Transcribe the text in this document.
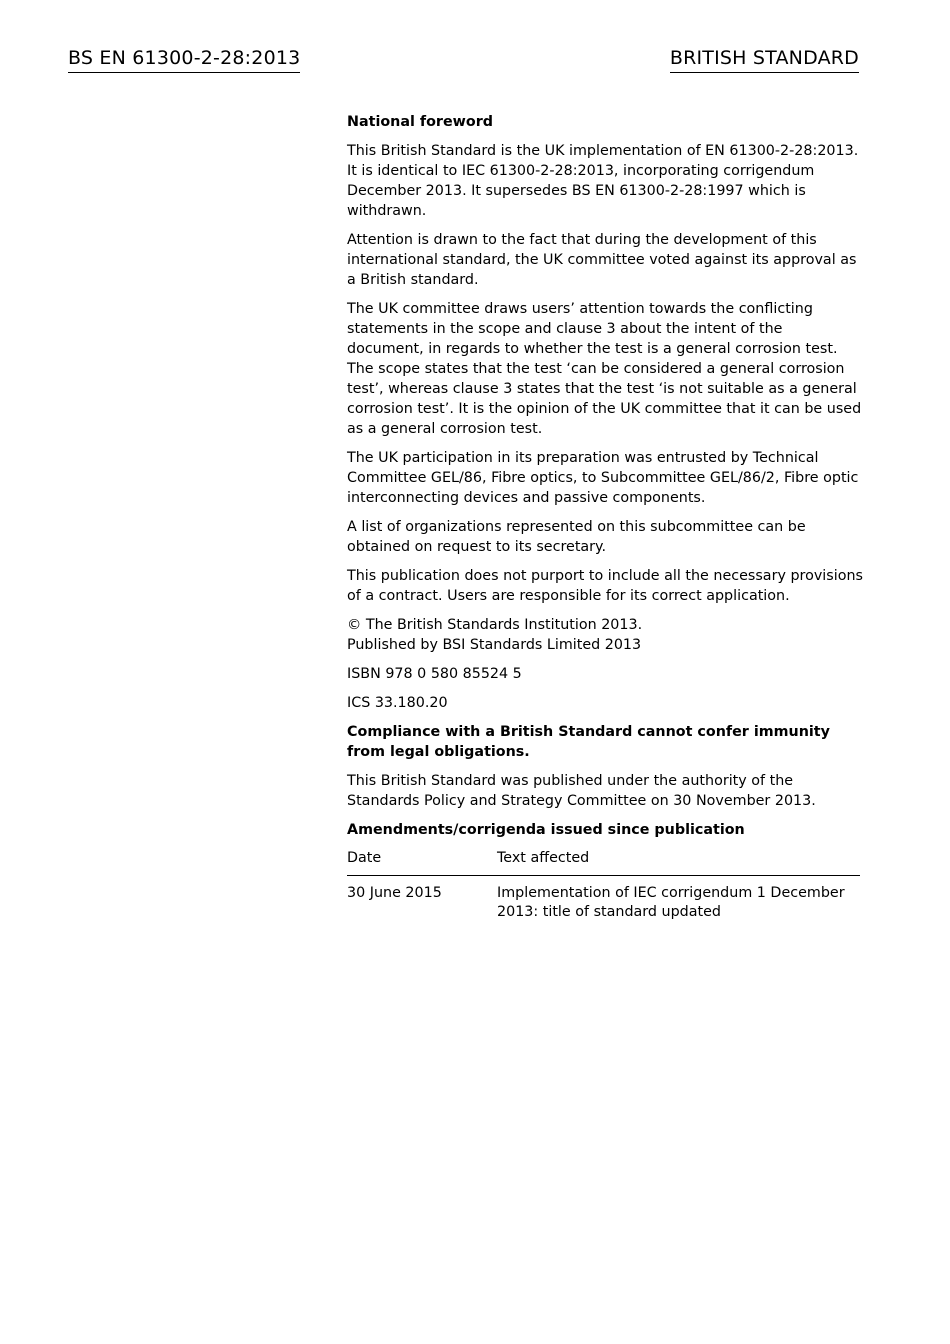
BS EN 61300-2-28:2013	BRITISH STANDARD

National foreword

This British Standard is the UK implementation of EN 61300-2-28:2013. It is identical to IEC 61300-2-28:2013, incorporating corrigendum December 2013. It supersedes BS EN 61300-2-28:1997 which is withdrawn.

Attention is drawn to the fact that during the development of this international standard, the UK committee voted against its approval as a British standard.

The UK committee draws users’ attention towards the conflicting statements in the scope and clause 3 about the intent of the document, in regards to whether the test is a general corrosion test. The scope states that the test ‘can be considered a general corrosion test’, whereas clause 3 states that the test ‘is not suitable as a general corrosion test’. It is the opinion of the UK committee that it can be used as a general corrosion test.

The UK participation in its preparation was entrusted by Technical Committee GEL/86, Fibre optics, to Subcommittee GEL/86/2, Fibre optic interconnecting devices and passive components.

A list of organizations represented on this subcommittee can be obtained on request to its secretary.

This publication does not purport to include all the necessary provisions of a contract. Users are responsible for its correct application.

© The British Standards Institution 2013.
Published by BSI Standards Limited 2013

ISBN 978 0 580 85524 5

ICS 33.180.20

Compliance with a British Standard cannot confer immunity from legal obligations.

This British Standard was published under the authority of the Standards Policy and Strategy Committee on 30 November 2013.

Amendments/corrigenda issued since publication

Date	Text affected
30 June 2015	Implementation of IEC corrigendum 1 December 2013: title of standard updated
